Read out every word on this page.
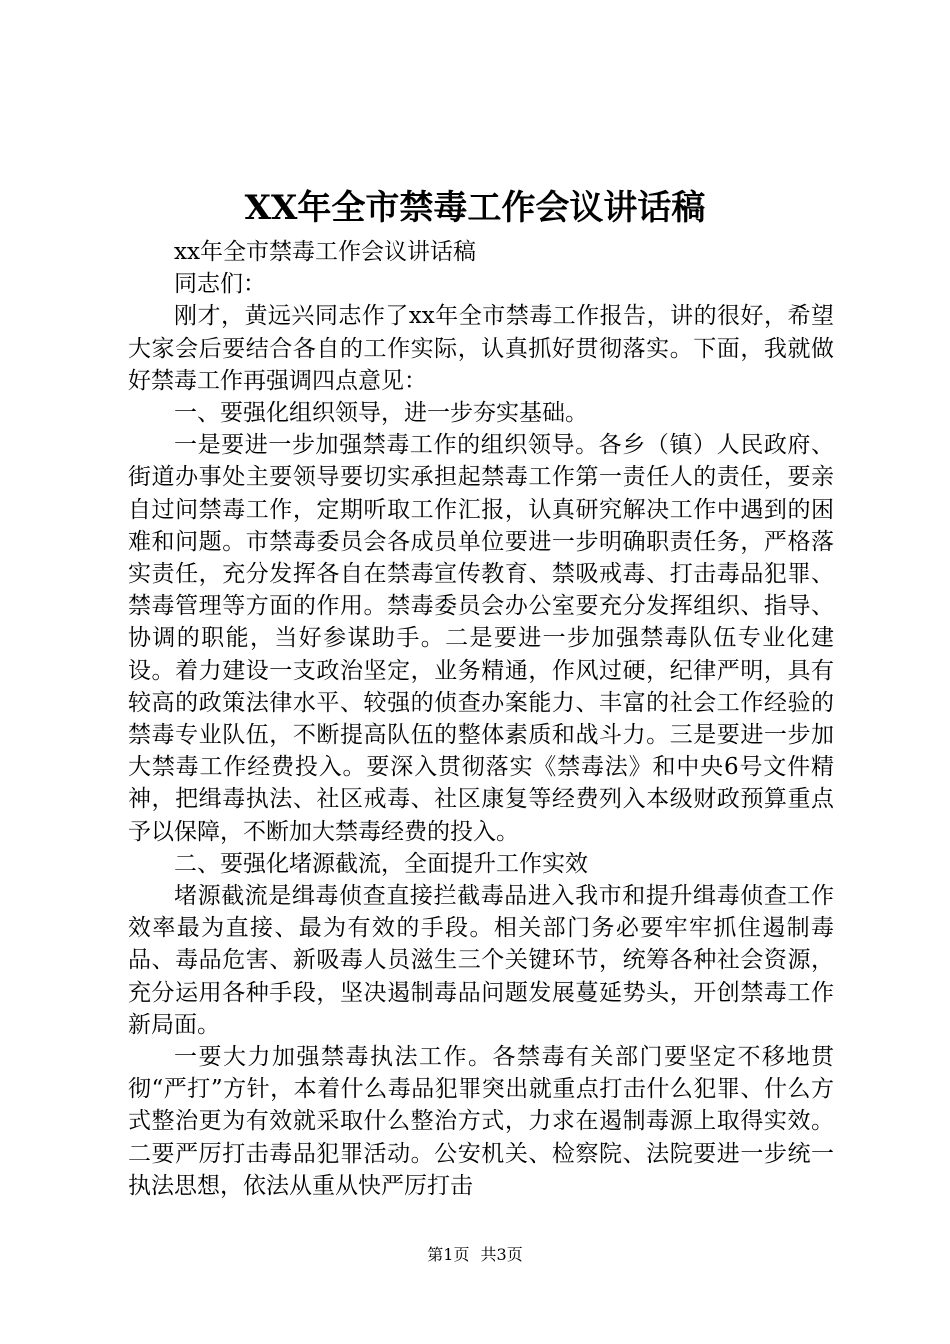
XX年全市禁毒工作会议讲话稿

xx年全市禁毒工作会议讲话稿

同志们：

刚才，黄远兴同志作了xx年全市禁毒工作报告，讲的很好，希望大家会后要结合各自的工作实际，认真抓好贯彻落实。下面，我就做好禁毒工作再强调四点意见：

一、要强化组织领导，进一步夯实基础。

一是要进一步加强禁毒工作的组织领导。各乡（镇）人民政府、街道办事处主要领导要切实承担起禁毒工作第一责任人的责任，要亲自过问禁毒工作，定期听取工作汇报，认真研究解决工作中遇到的困难和问题。市禁毒委员会各成员单位要进一步明确职责任务，严格落实责任，充分发挥各自在禁毒宣传教育、禁吸戒毒、打击毒品犯罪、禁毒管理等方面的作用。禁毒委员会办公室要充分发挥组织、指导、协调的职能，当好参谋助手。二是要进一步加强禁毒队伍专业化建设。着力建设一支政治坚定，业务精通，作风过硬，纪律严明，具有较高的政策法律水平、较强的侦查办案能力、丰富的社会工作经验的禁毒专业队伍，不断提高队伍的整体素质和战斗力。三是要进一步加大禁毒工作经费投入。要深入贯彻落实《禁毒法》和中央6号文件精神，把缉毒执法、社区戒毒、社区康复等经费列入本级财政预算重点予以保障，不断加大禁毒经费的投入。

二、要强化堵源截流，全面提升工作实效

堵源截流是缉毒侦查直接拦截毒品进入我市和提升缉毒侦查工作效率最为直接、最为有效的手段。相关部门务必要牢牢抓住遏制毒品、毒品危害、新吸毒人员滋生三个关键环节，统筹各种社会资源，充分运用各种手段，坚决遏制毒品问题发展蔓延势头，开创禁毒工作新局面。

一要大力加强禁毒执法工作。各禁毒有关部门要坚定不移地贯彻“严打”方针，本着什么毒品犯罪突出就重点打击什么犯罪、什么方式整治更为有效就采取什么整治方式，力求在遏制毒源上取得实效。二要严厉打击毒品犯罪活动。公安机关、检察院、法院要进一步统一执法思想，依法从重从快严厉打击

第1页 共3页
